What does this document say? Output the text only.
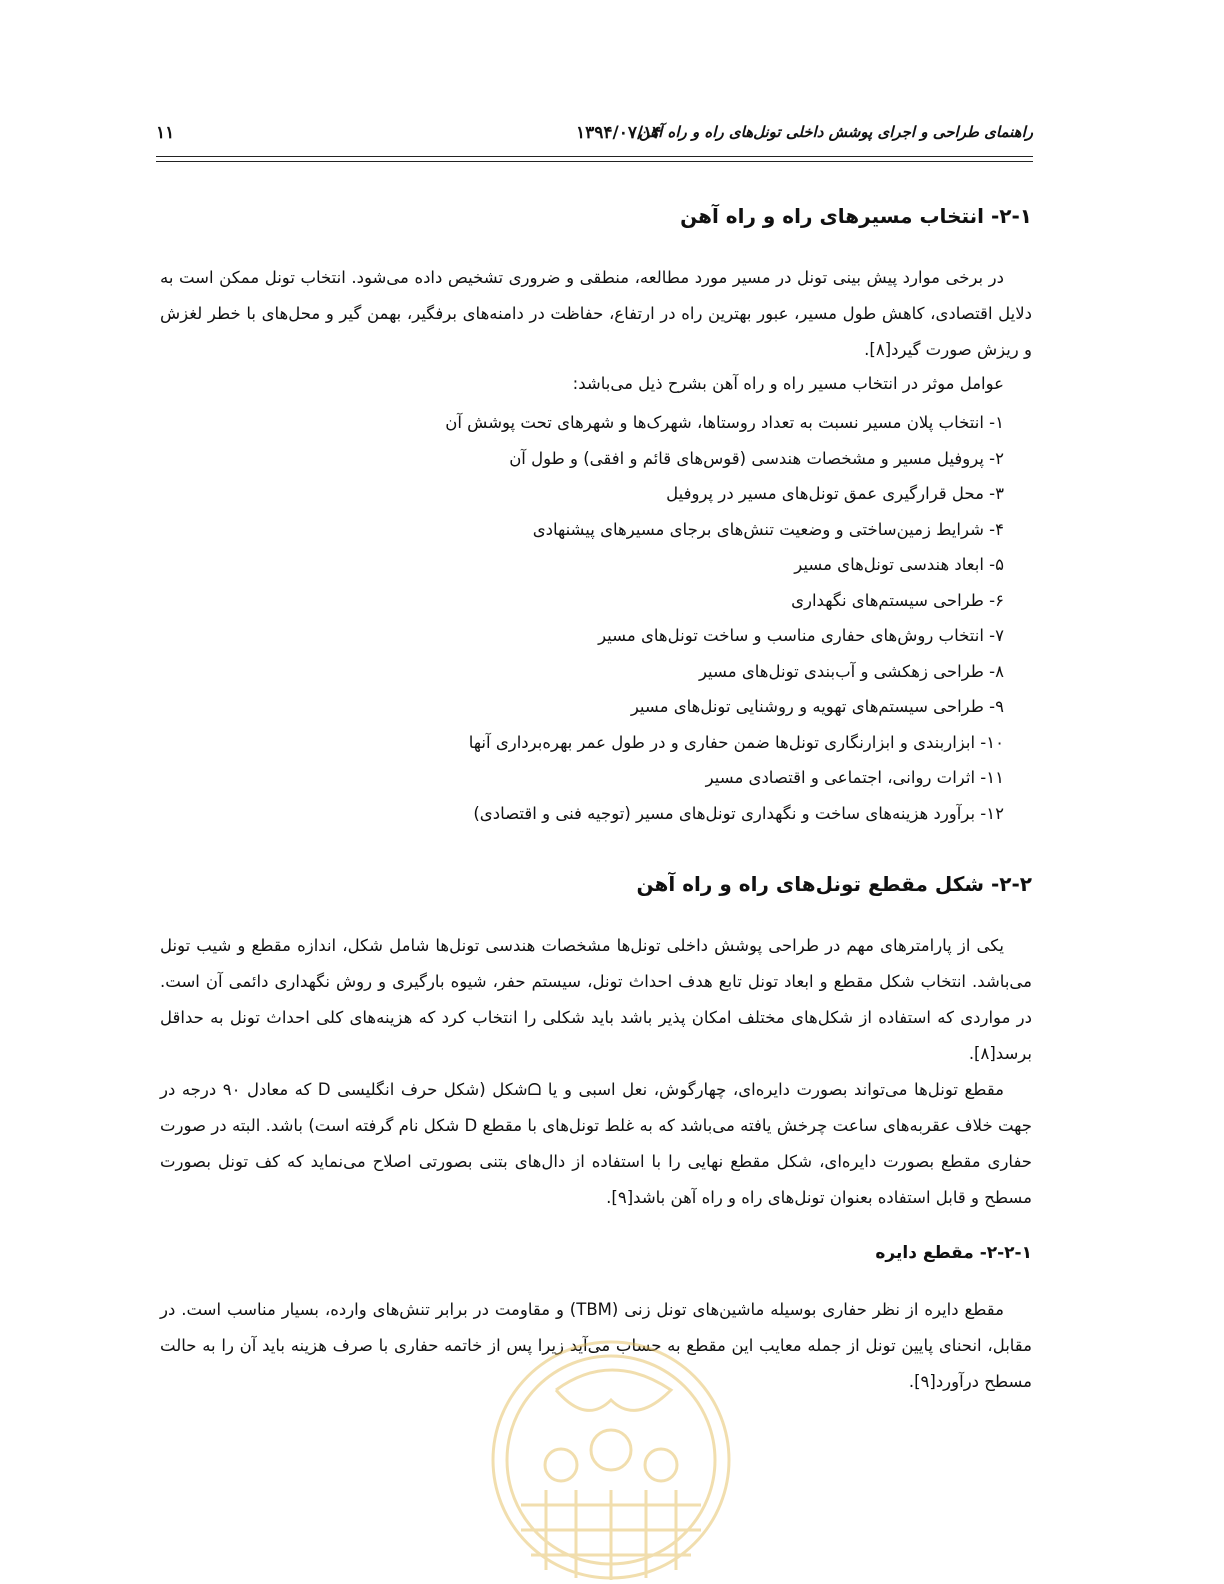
راهنمای طراحی و اجرای پوشش داخلی تونل‌های راه و راه آهن
۱۳۹۴/۰۷/۱۴
۱۱
۲-۱- انتخاب مسیرهای راه و راه آهن

در برخی موارد پیش بینی تونل در مسیر مورد مطالعه، منطقی و ضروری تشخیص داده می‌شود. انتخاب تونل ممکن است به دلایل اقتصادی، کاهش طول مسیر، عبور بهترین راه در ارتفاع، حفاظت در دامنه‌های برفگیر، بهمن گیر و محل‌های با خطر لغزش و ریزش صورت گیرد[۸].

عوامل موثر در انتخاب مسیر راه و راه آهن بشرح ذیل می‌باشد:
۱- انتخاب پلان مسیر نسبت به تعداد روستاها، شهرک‌ها و شهرهای تحت پوشش آن
۲- پروفیل مسیر و مشخصات هندسی (قوس‌های قائم و افقی) و طول آن
۳- محل قرارگیری عمق تونل‌های مسیر در پروفیل
۴- شرایط زمین‌ساختی و وضعیت تنش‌های برجای مسیرهای پیشنهادی
۵- ابعاد هندسی تونل‌های مسیر
۶- طراحی سیستم‌های نگهداری
۷- انتخاب روش‌های حفاری مناسب و ساخت تونل‌های مسیر
۸- طراحی زهکشی و آب‌بندی تونل‌های مسیر
۹- طراحی سیستم‌های تهویه و روشنایی تونل‌های مسیر
۱۰- ابزاربندی و ابزارنگاری تونل‌ها ضمن حفاری و در طول عمر بهره‌برداری آنها
۱۱- اثرات روانی، اجتماعی و اقتصادی مسیر
۱۲- برآورد هزینه‌های ساخت و نگهداری تونل‌های مسیر (توجیه فنی و اقتصادی)
۲-۲- شکل مقطع تونل‌های راه و راه آهن

یکی از پارامترهای مهم در طراحی پوشش داخلی تونل‌ها مشخصات هندسی تونل‌ها شامل شکل، اندازه مقطع و شیب تونل می‌باشد. انتخاب شکل مقطع و ابعاد تونل تابع هدف احداث تونل، سیستم حفر، شیوه بارگیری و روش نگهداری دائمی آن است. در مواردی که استفاده از شکل‌های مختلف امکان پذیر باشد باید شکلی را انتخاب کرد که هزینه‌های کلی احداث تونل به حداقل برسد[۸].

مقطع تونل‌ها می‌تواند بصورت دایره‌ای، چهارگوش، نعل اسبی و یا ᗝشکل (شکل حرف انگلیسی D که معادل ۹۰ درجه در جهت خلاف عقربه‌های ساعت چرخش یافته می‌باشد که به غلط تونل‌های با مقطع D شکل نام گرفته است) باشد. البته در صورت حفاری مقطع بصورت دایره‌ای، شکل مقطع نهایی را با استفاده از دال‌های بتنی بصورتی اصلاح می‌نماید که کف تونل بصورت مسطح و قابل استفاده بعنوان تونل‌های راه و راه آهن باشد[۹].

۲-۲-۱- مقطع دایره

مقطع دایره از نظر حفاری بوسیله ماشین‌های تونل زنی (TBM) و مقاومت در برابر تنش‌های وارده، بسیار مناسب است. در مقابل، انحنای پایین تونل از جمله معایب این مقطع به حساب می‌آید زیرا پس از خاتمه حفاری با صرف هزینه باید آن را به حالت مسطح درآورد[۹].
